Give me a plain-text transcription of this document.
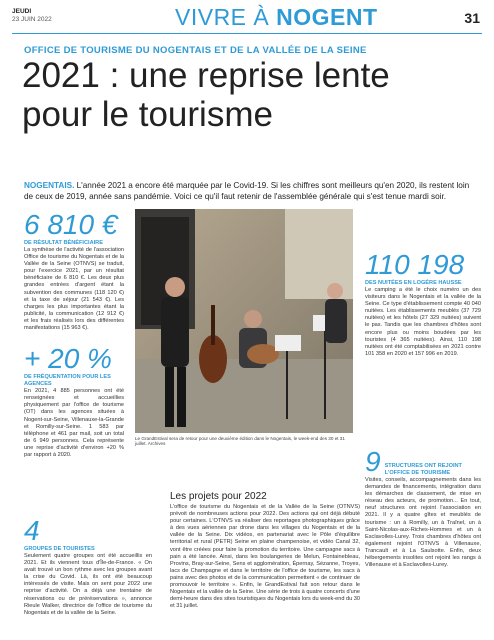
JEUDI
23 JUIN 2022	VIVRE À NOGENT	31
OFFICE DE TOURISME DU NOGENTAIS ET DE LA VALLÉE DE LA SEINE
2021 : une reprise lente
pour le tourisme
NOGENTAIS. L'année 2021 a encore été marquée par le Covid-19. Si les chiffres sont meilleurs qu'en 2020, ils restent loin de ceux de 2019, année sans pandémie. Voici ce qu'il faut retenir de l'assemblée générale qui s'est tenue mardi soir.
6 810 €
DE RÉSULTAT BÉNÉFICIAIRE
La synthèse de l'activité de l'association Office de tourisme du Nogentais et de la Vallée de la Seine (OTNVS) se traduit, pour l'exercice 2021, par un résultat bénéficiaire de 6 810 €. Les deux plus grandes entrées d'argent étant la subvention des communes (118 120 €) et la taxe de séjour (21 543 €). Les charges les plus importantes étant la publicité, la communication (12 912 €) et les frais réalisés lors des différentes manifestations (15 963 €).
+ 20 %
DE FRÉQUENTATION POUR LES AGENCES
En 2021, 4 885 personnes ont été renseignées et accueillies physiquement par l'office de tourisme (OT) dans les agences situées à Nogent-sur-Seine, Villenauxe-la-Grande et Romilly-sur-Seine. 1 583 par téléphone et 461 par mail, soit un total de 6 949 personnes. Cela représente une reprise d'activité d'environ +20 % par rapport à 2020.
Le GrandEstival sera de retour pour une deuxième édition dans le Nogentais, le week-end des 30 et 31 juillet. Archives
110 198
DES NUITÉES EN LOGÉRE HAUSSE
Le camping a été le choix numéro un des visiteurs dans le Nogentais et la vallée de la Seine. Ce type d'établissement compte 40 040 nuitées. Les établissements meublés (37 729 nuitées) et les hôtels (27 329 nuitées) suivent le pas. Tandis que les chambres d'hôtes sont encore plus ou moins boudées par les touristes (4 365 nuitées). Ainsi, 110 198 nuitées ont été comptabilisées en 2021 contre 101 358 en 2020 et 157 996 en 2019.
9 STRUCTURES ONT REJOINT L'OFFICE DE TOURISME
Visites, conseils, accompagnements dans les demandes de financements, intégration dans les démarches de classement, de mise en réseau des acteurs, de promotion... En tout, neuf structures ont rejoint l'association en 2021. Il y a quatre gîtes et meublés de tourisme : un à Romilly, un à Traînel, un à Saint-Nicolas-aux-Riches-Hommes et un à Esclavolles-Lurey. Trois chambres d'hôtes ont également rejoint l'OTNVS à Villenauxe, Trancault et à La Saulsotte. Enfin, deux hébergements insolites ont rejoint les rangs à Villenauxe et à Esclavolles-Lurey.
4
GROUPES DE TOURISTES
Seulement quatre groupes ont été accueillis en 2021. Et ils viennent tous d'Île-de-France. « On avait trouvé un bon rythme avec les groupes avant la crise du Covid. Là, ils ont été beaucoup intéressés de visite. Mais on sent pour 2022 une reprise d'activité. On a déjà une trentaine de réservations ou de préréservations », annonce Rieule Walker, directrice de l'office de tourisme du Nogentais et de la vallée de la Seine.
Les projets pour 2022
L'office de tourisme du Nogentais et de la Vallée de la Seine (OTNVS) prévoit de nombreuses actions pour 2022. Des actions qui ont déjà débuté pour certaines. L'OTNVS va réaliser des reportages photographiques grâce à des vues aériennes par drone dans les villages du Nogentais et de la vallée de la Seine. Dix vidéos, en partenariat avec le Pôle d'équilibre territorial et rural (PETR) Seine en plaine champenoise, et vidéo Canal 32, vont être créées pour faire la promotion du territoire. Une campagne sacs à pain a été lancée. Ainsi, dans les boulangeries de Melun, Fontainebleau, Provins, Bray-sur-Seine, Sens et agglomération, Épernay, Sézanne, Troyes, lacs de Champagne et dans le territoire de l'office de tourisme, les sacs à pains avec des photos et de la communication permettent « de continuer de promouvoir le territoire ». Enfin, le GrandEstival fait son retour dans le Nogentais et la vallée de la Seine. Une série de trois à quatre concerts d'une demi-heure dans des sites touristiques du Nogentais lors du week-end du 30 et 31 juillet.
